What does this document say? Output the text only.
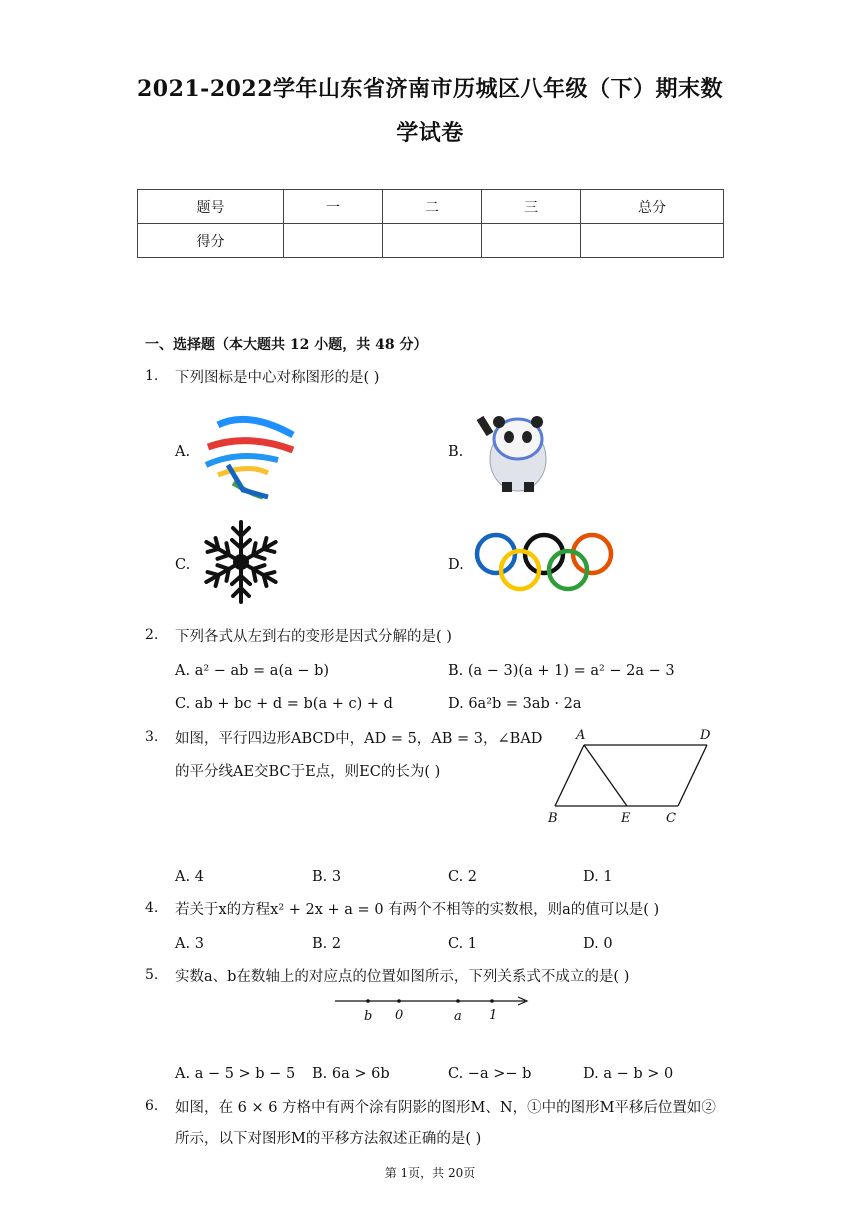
2021-2022学年山东省济南市历城区八年级（下）期末数
学试卷
题号	一	二	三	总分
得分				
一、选择题（本大题共 12 小题，共 48 分）
1. 下列图标是中心对称图形的是( )
A.	B.
C.	D.
2. 下列各式从左到右的变形是因式分解的是( )
A. a² − ab = a(a − b)	B. (a − 3)(a + 1) = a² − 2a − 3
C. ab + bc + d = b(a + c) + d	D. 6a²b = 3ab · 2a
3. 如图，平行四边形ABCD中，AD = 5，AB = 3，∠BAD
的平分线AE交BC于E点，则EC的长为( )
A	D
B	E	C
A. 4	B. 3	C. 2	D. 1
4. 若关于x的方程x² + 2x + a = 0 有两个不相等的实数根，则a的值可以是( )
A. 3	B. 2	C. 1	D. 0
5. 实数a、b在数轴上的对应点的位置如图所示，下列关系式不成立的是( )
b 0	a 1
A. a − 5 > b − 5 B. 6a > 6b	C. −a >− b	D. a − b > 0
6. 如图，在 6 × 6 方格中有两个涂有阴影的图形M、N，①中的图形M平移后位置如②
所示，以下对图形M的平移方法叙述正确的是( )
第 1页，共 20页
